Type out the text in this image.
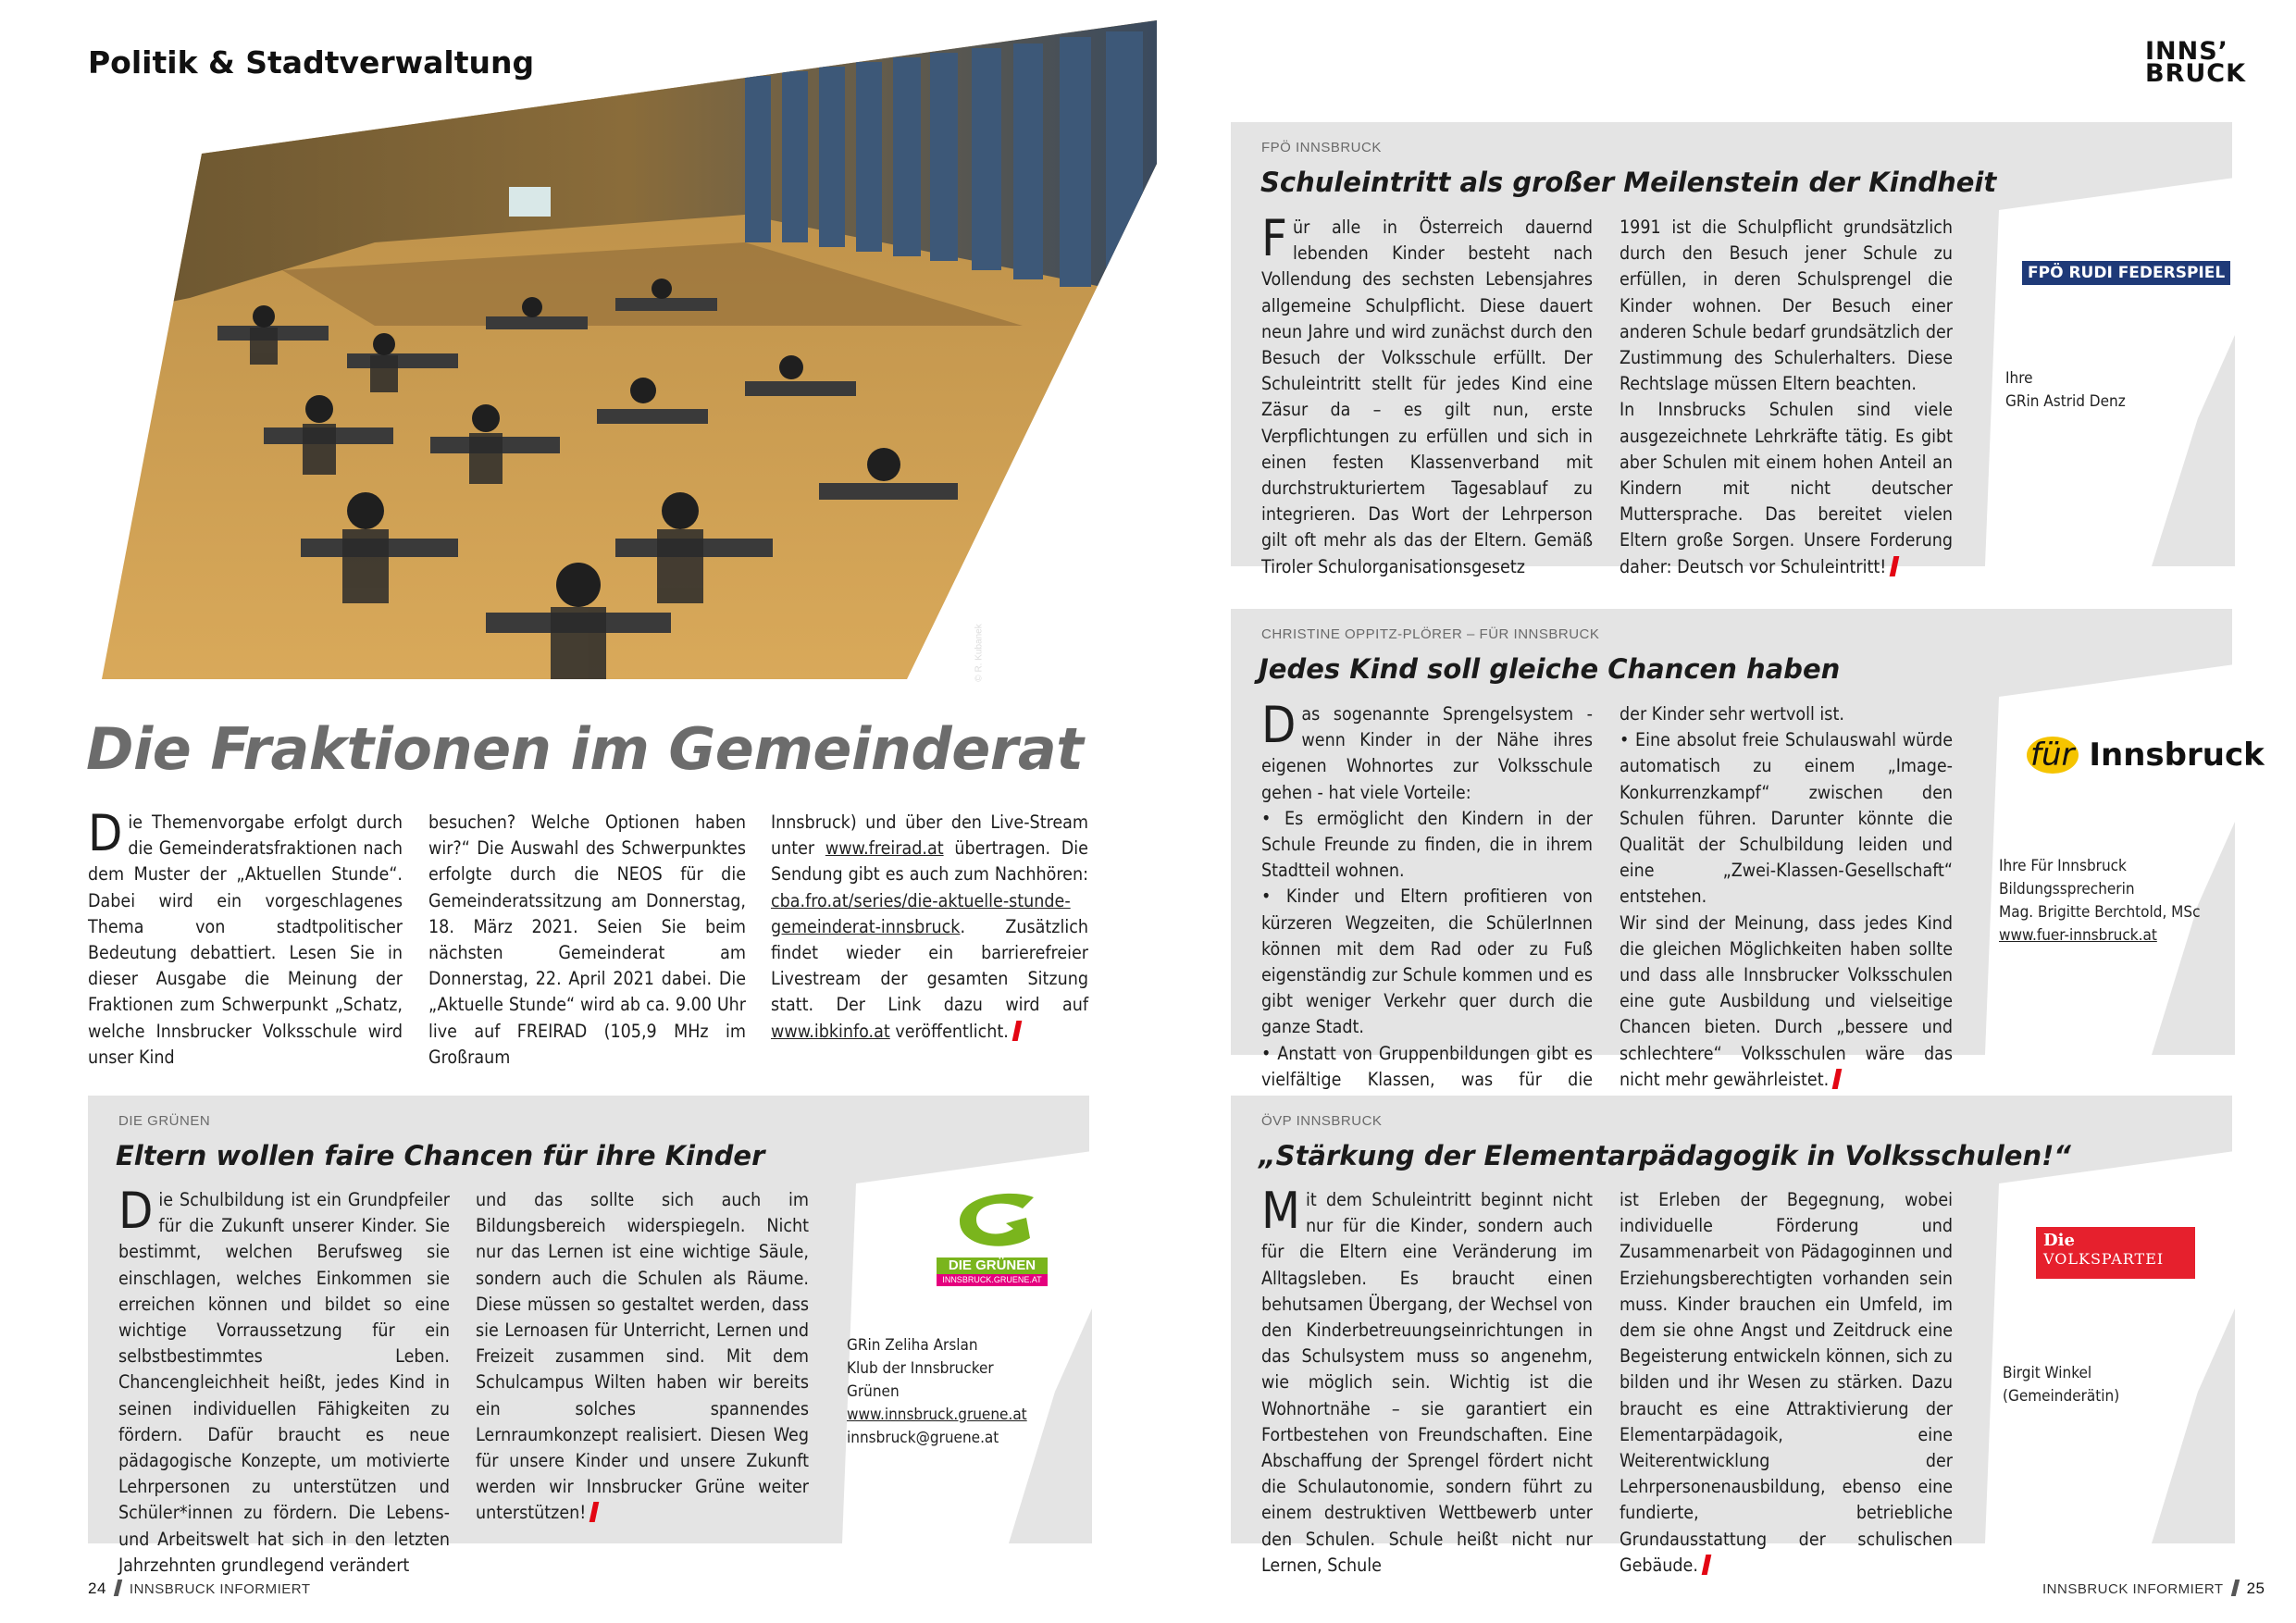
Politik & Stadtverwaltung	INNS’
BRUCK
© R. Kubanek
Die Fraktionen im Gemeinderat
Die Themenvorgabe erfolgt durch die Gemeinderatsfraktionen nach dem Muster der „Aktuellen Stunde“. Dabei wird ein vorgeschlagenes Thema von stadtpolitischer Bedeutung debattiert. Lesen Sie in dieser Ausgabe die Meinung der Fraktionen zum Schwerpunkt „Schatz, welche Innsbrucker Volksschule wird unser Kind
besuchen? Welche Optionen haben wir?“ Die Auswahl des Schwerpunktes erfolgte durch die NEOS für die Gemeinderatssitzung am Donnerstag, 18. März 2021. Seien Sie beim nächsten Gemeinderat am Donnerstag, 22. April 2021 dabei. Die „Aktuelle Stunde“ wird ab ca. 9.00 Uhr live auf FREIRAD (105,9 MHz im Großraum
Innsbruck) und über den Live-Stream unter www.freirad.at übertragen. Die Sendung gibt es auch zum Nachhören: cba.fro.at/series/die-aktuelle-stunde-gemeinderat-innsbruck. Zusätzlich findet wieder ein barrierefreier Livestream der gesamten Sitzung statt. Der Link dazu wird auf www.ibkinfo.at veröffentlicht.
FPÖ INNSBRUCK
Schuleintritt als großer Meilenstein der Kindheit
Für alle in Österreich dauernd lebenden Kinder besteht nach Vollendung des sechsten Lebensjahres allgemeine Schulpflicht. Diese dauert neun Jahre und wird zunächst durch den Besuch der Volksschule erfüllt. Der Schuleintritt stellt für jedes Kind eine Zäsur da – es gilt nun, erste Verpflichtungen zu erfüllen und sich in einen festen Klassenverband mit durchstrukturiertem Tagesablauf zu integrieren. Das Wort der Lehrperson gilt oft mehr als das der Eltern. Gemäß Tiroler Schulorganisationsgesetz
1991 ist die Schulpflicht grundsätzlich durch den Besuch jener Schule zu erfüllen, in deren Schulsprengel die Kinder wohnen. Der Besuch einer anderen Schule bedarf grundsätzlich der Zustimmung des Schulerhalters. Diese Rechtslage müssen Eltern beachten.
In Innsbrucks Schulen sind viele ausgezeichnete Lehrkräfte tätig. Es gibt aber Schulen mit einem hohen Anteil an Kindern mit nicht deutscher Muttersprache. Das bereitet vielen Eltern große Sorgen. Unsere Forderung daher: Deutsch vor Schuleintritt!
FPÖ RUDI FEDERSPIEL
Ihre
GRin Astrid Denz
CHRISTINE OPPITZ-PLÖRER – FÜR INNSBRUCK
Jedes Kind soll gleiche Chancen haben
Das sogenannte Sprengelsystem - wenn Kinder in der Nähe ihres eigenen Wohnortes zur Volksschule gehen - hat viele Vorteile:
• Es ermöglicht den Kindern in der Schule Freunde zu finden, die in ihrem Stadtteil wohnen.
• Kinder und Eltern profitieren von kürzeren Wegzeiten, die SchülerInnen können mit dem Rad oder zu Fuß eigenständig zur Schule kommen und es gibt weniger Verkehr quer durch die ganze Stadt.
• Anstatt von Gruppenbildungen gibt es vielfältige Klassen, was für die
der Kinder sehr wertvoll ist.
• Eine absolut freie Schulauswahl würde automatisch zu einem „Image-Konkurrenzkampf“ zwischen den Schulen führen. Darunter könnte die Qualität der Schulbildung leiden und eine „Zwei-Klassen-Gesellschaft“ entstehen.
Wir sind der Meinung, dass jedes Kind die gleichen Möglichkeiten haben sollte und dass alle Innsbrucker Volksschulen eine gute Ausbildung und vielseitige Chancen bieten. Durch „bessere und schlechtere“ Volksschulen wäre das nicht mehr gewährleistet.
für Innsbruck
Ihre Für Innsbruck
Bildungssprecherin
Mag. Brigitte Berchtold, MSc
www.fuer-innsbruck.at
DIE GRÜNEN
Eltern wollen faire Chancen für ihre Kinder
Die Schulbildung ist ein Grundpfeiler für die Zukunft unserer Kinder. Sie bestimmt, welchen Berufsweg sie einschlagen, welches Einkommen sie erreichen können und bildet so eine wichtige Vorraussetzung für ein selbstbestimmtes Leben. Chancengleichheit heißt, jedes Kind in seinen individuellen Fähigkeiten zu fördern. Dafür braucht es neue pädagogische Konzepte, um motivierte Lehrpersonen zu unterstützen und Schüler*innen zu fördern. Die Lebens- und Arbeitswelt hat sich in den letzten Jahrzehnten grundlegend verändert
und das sollte sich auch im Bildungsbereich widerspiegeln. Nicht nur das Lernen ist eine wichtige Säule, sondern auch die Schulen als Räume. Diese müssen so gestaltet werden, dass sie Lernoasen für Unterricht, Lernen und Freizeit zusammen sind. Mit dem Schulcampus Wilten haben wir bereits ein solches spannendes Lernraumkonzept realisiert. Diesen Weg für unsere Kinder und unsere Zukunft werden wir Innsbrucker Grüne weiter unterstützen!
DIE GRÜNEN
INNSBRUCK.GRUENE.AT
GRin Zeliha Arslan
Klub der Innsbrucker
Grünen
www.innsbruck.gruene.at
innsbruck@gruene.at
ÖVP INNSBRUCK
„Stärkung der Elementarpädagogik in Volksschulen!“
Mit dem Schuleintritt beginnt nicht nur für die Kinder, sondern auch für die Eltern eine Veränderung im Alltagsleben. Es braucht einen behutsamen Übergang, der Wechsel von den Kinderbetreuungseinrichtungen in das Schulsystem muss so angenehm, wie möglich sein. Wichtig ist die Wohnortnähe – sie garantiert ein Fortbestehen von Freundschaften. Eine Abschaffung der Sprengel fördert nicht die Schulautonomie, sondern führt zu einem destruktiven Wettbewerb unter den Schulen. Schule heißt nicht nur Lernen, Schule
ist Erleben der Begegnung, wobei individuelle Förderung und Zusammenarbeit von Pädagoginnen und Erziehungsberechtigten vorhanden sein muss. Kinder brauchen ein Umfeld, im dem sie ohne Angst und Zeitdruck eine Begeisterung entwickeln können, sich zu bilden und ihr Wesen zu stärken. Dazu braucht es eine Attraktivierung der Elementarpädagoik, eine Weiterentwicklung der Lehrpersonenausbildung, ebenso eine fundierte, betriebliche Grundausstattung der schulischen Gebäude.
Die
VOLKSPARTEI
Birgit Winkel
(Gemeinderätin)
24 INNSBRUCK INFORMIERT	INNSBRUCK INFORMIERT 25
